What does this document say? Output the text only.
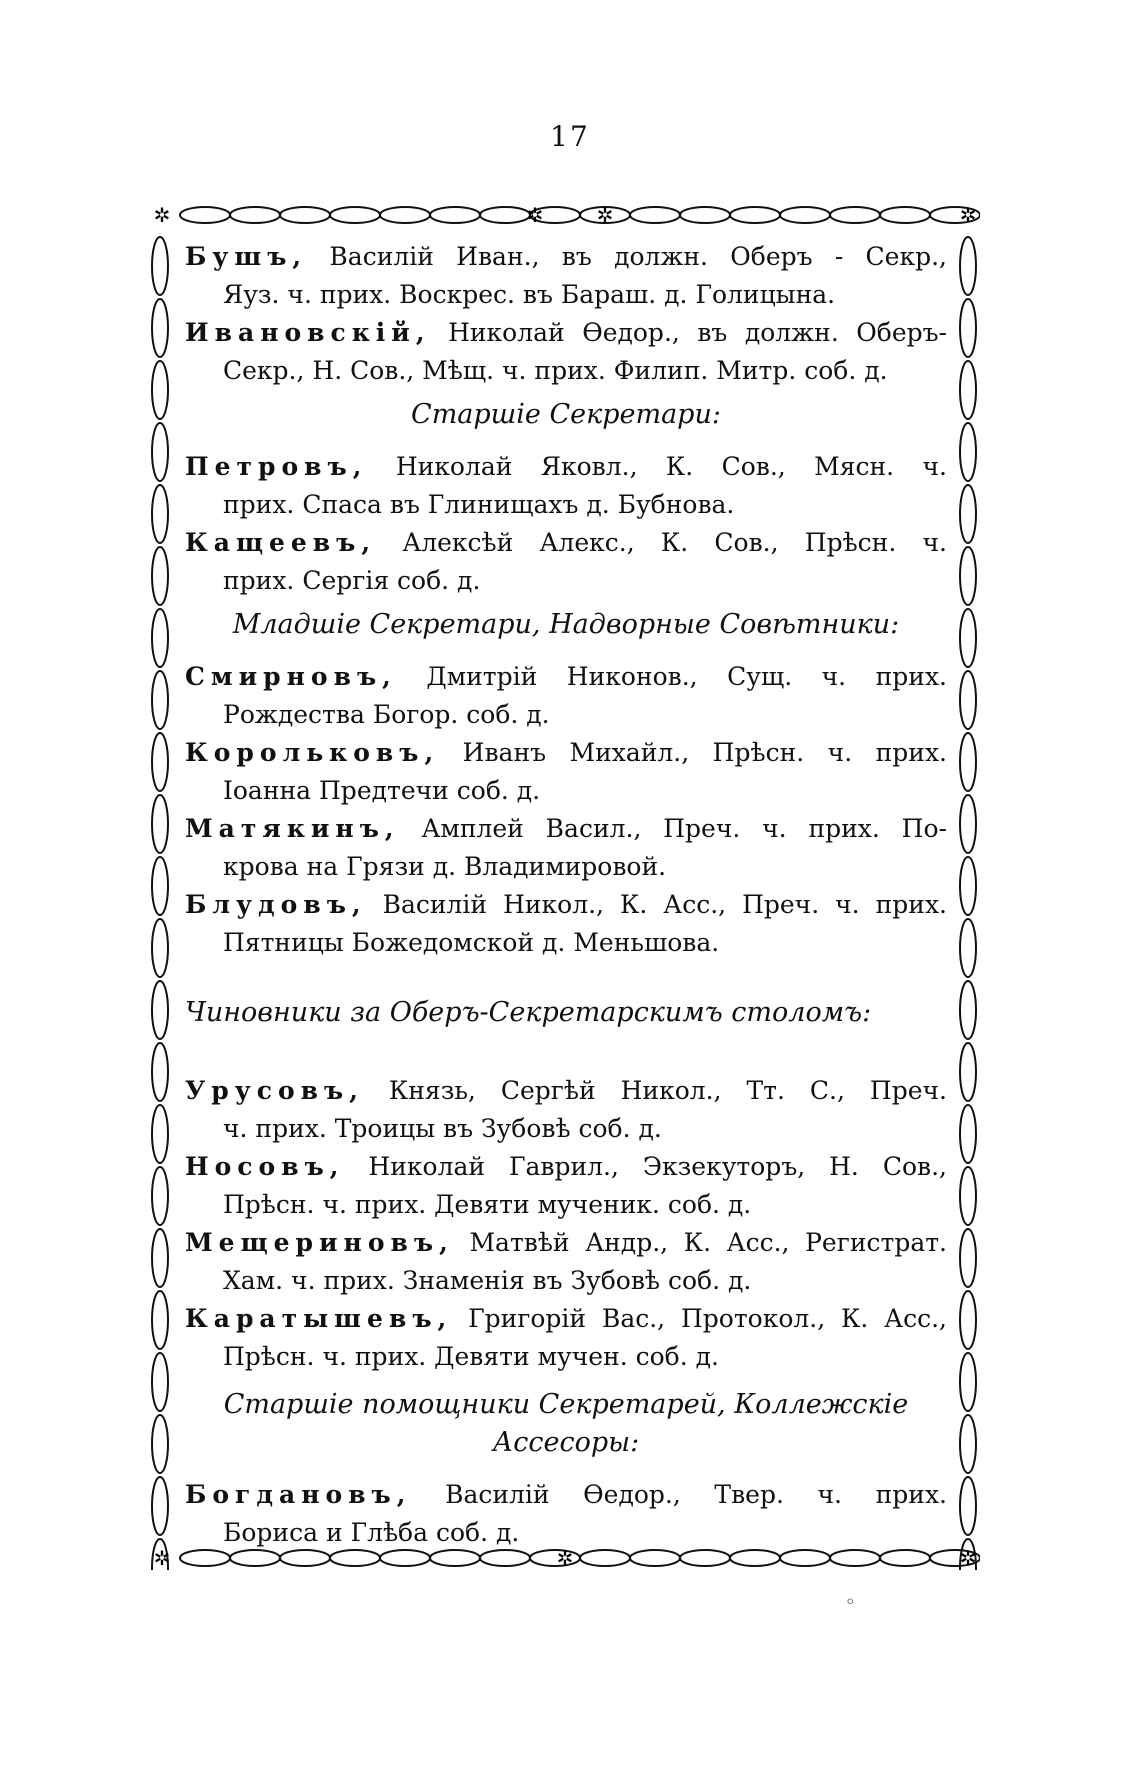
17
✲	✲
✲	✲
✲	✲
✲
Бушъ, Василій Иван., въ должн. Оберъ - Секр.,
Яуз. ч. прих. Воскрес. въ Бараш. д. Голицына.
Ивановскій, Николай Ѳедор., въ должн. Оберъ-
Секр., Н. Сов., Мѣщ. ч. прих. Филип. Митр. соб. д.
Старшіе Секретари:
Петровъ, Николай Яковл., К. Сов., Мясн. ч.
прих. Спаса въ Глинищахъ д. Бубнова.
Кащеевъ, Алексѣй Алекс., К. Сов., Прѣсн. ч.
прих. Сергія соб. д.
Младшіе Секретари, Надворные Совѣтники:
Смирновъ, Дмитрій Никонов., Сущ. ч. прих.
Рождества Богор. соб. д.
Корольковъ, Иванъ Михайл., Прѣсн. ч. прих.
Іоанна Предтечи соб. д.
Матякинъ, Амплей Васил., Преч. ч. прих. По-
крова на Грязи д. Владимировой.
Блудовъ, Василій Никол., К. Асс., Преч. ч. прих.
Пятницы Божедомской д. Меньшова.
Чиновники за Оберъ-Секретарскимъ столомъ:
Урусовъ, Князь, Сергѣй Никол., Тт. С., Преч.
ч. прих. Троицы въ Зубовѣ соб. д.
Носовъ, Николай Гаврил., Экзекуторъ, Н. Сов.,
Прѣсн. ч. прих. Девяти мученик. соб. д.
Мещериновъ, Матвѣй Андр., К. Асс., Регистрат.
Хам. ч. прих. Знаменія въ Зубовѣ соб. д.
Каратышевъ, Григорій Вас., Протокол., К. Асс.,
Прѣсн. ч. прих. Девяти мучен. соб. д.
Старшіе помощники Секретарей, Коллежскіе
Ассесоры:
Богдановъ, Василій Ѳедор., Твер. ч. прих.
Бориса и Глѣба соб. д.
◦
